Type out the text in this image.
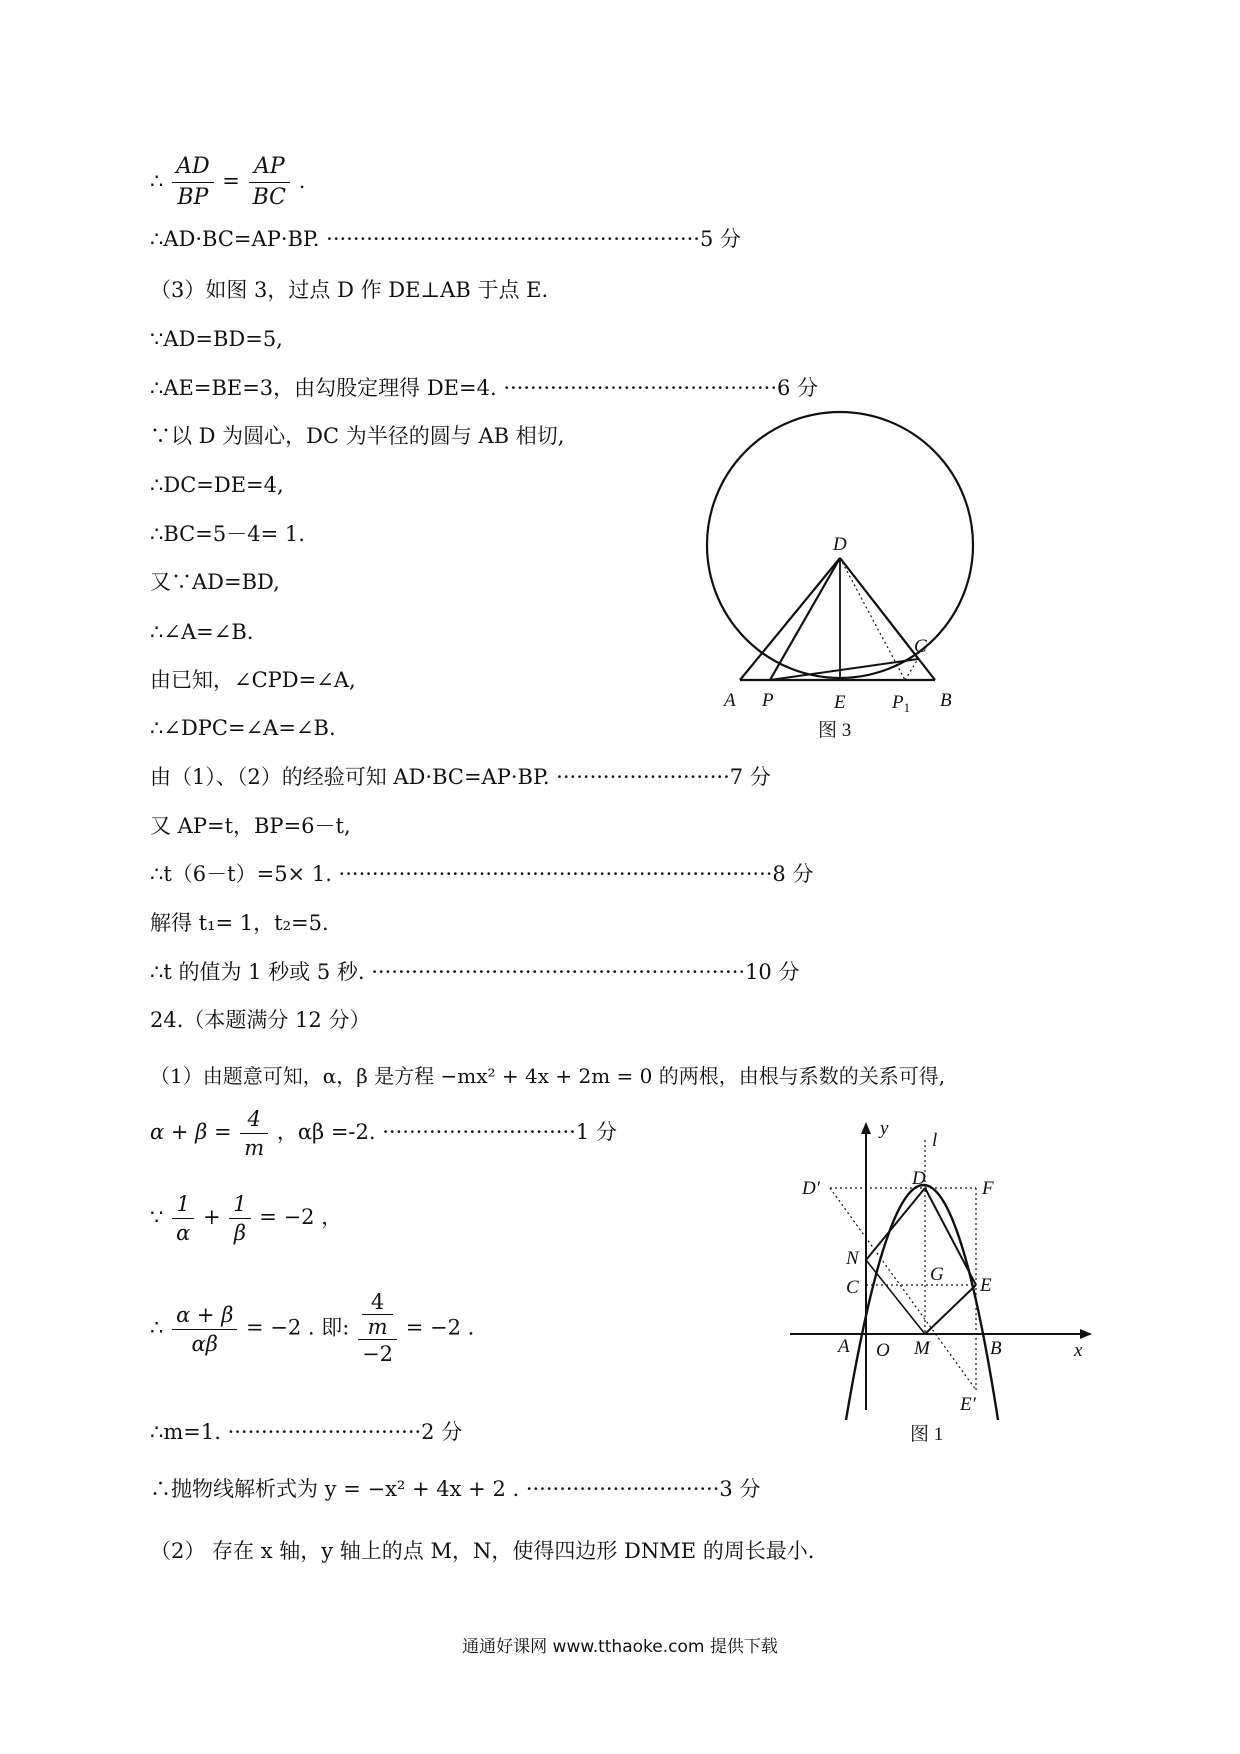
∴ $\frac{AD}{BP} = \frac{AP}{BC}$ .
∴AD·BC=AP·BP. ························································5 分
（3）如图 3，过点 D 作 DE⊥AB 于点 E.
∵AD=BD=5,
∴AE=BE=3，由勾股定理得 DE=4. ·········································6 分
∵以 D 为圆心，DC 为半径的圆与 AB 相切,
∴DC=DE=4,
∴BC=5－4= 1.
又∵AD=BD,
∴∠A=∠B.
由已知，∠CPD=∠A,
∴∠DPC=∠A=∠B.
由（1）、（2）的经验可知 AD·BC=AP·BP. ··························7 分
又 AP=t，BP=6－t,
∴t（6－t）=5× 1. ·································································8 分
解得 t₁= 1，t₂=5.
∴t 的值为 1 秒或 5 秒. ························································10 分
24.（本题满分 12 分）
（1）由题意可知，α，β 是方程 −mx² + 4x + 2m = 0 的两根，由根与系数的关系可得,
$\alpha + \beta = \frac{4}{m}$ ，αβ =-2. ·····························1 分
∵ $\frac{1}{\alpha} + \frac{1}{\beta} = -2$ ，
∴ $\frac{\alpha + \beta}{\alpha\beta} = -2$ . 即: 4
m
−2 = −2 .
∴m=1. ·····························2 分
∴抛物线解析式为 y = −x² + 4x + 2 . ·····························3 分
（2） 存在 x 轴，y 轴上的点 M，N，使得四边形 DNME 的周长最小.
D
C
A P	E $P_1$ B
图 3
y
l
D′	D	F
N
C
G
E
A O M	B	x
E′
图 1
通通好课网 www.tthaoke.com 提供下载
